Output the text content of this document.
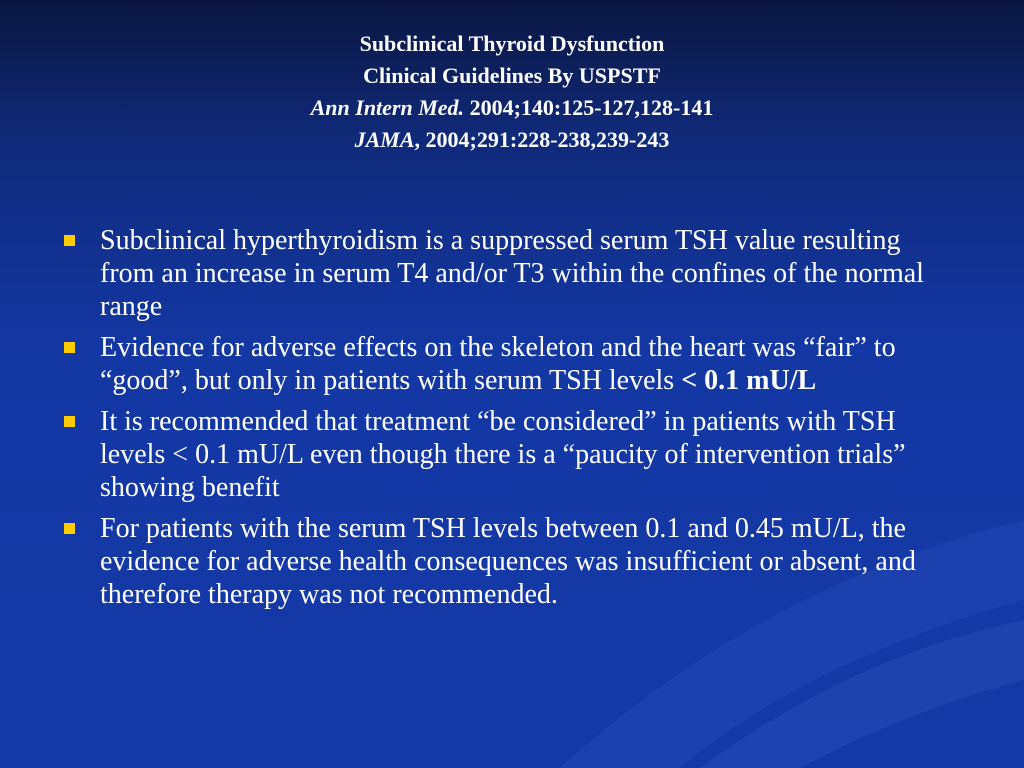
Subclinical Thyroid Dysfunction
Clinical Guidelines By USPSTF
Ann Intern Med. 2004;140:125-127,128-141
JAMA, 2004;291:228-238,239-243
Subclinical hyperthyroidism is a suppressed serum TSH value resulting from an increase in serum T4 and/or T3 within the confines of the normal range
Evidence for adverse effects on the skeleton and the heart was “fair” to “good”, but only in patients with serum TSH levels < 0.1 mU/L
It is recommended that treatment “be considered” in patients with TSH levels < 0.1 mU/L even though there is a “paucity of intervention trials” showing benefit
For patients with the serum TSH levels between 0.1 and 0.45 mU/L, the evidence for adverse health consequences was insufficient or absent, and therefore therapy was not recommended.
